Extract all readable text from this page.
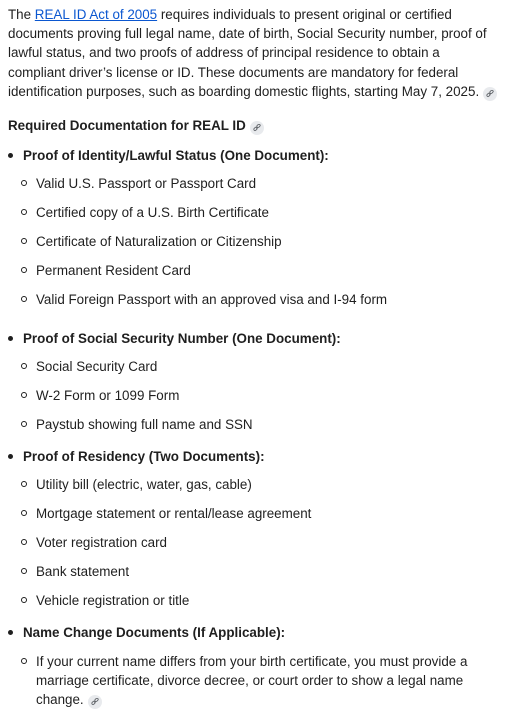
The REAL ID Act of 2005 requires individuals to present original or certified documents proving full legal name, date of birth, Social Security number, proof of lawful status, and two proofs of address of principal residence to obtain a compliant driver’s license or ID. These documents are mandatory for federal identification purposes, such as boarding domestic flights, starting May 7, 2025.

Required Documentation for REAL ID
Proof of Identity/Lawful Status (One Document):
Valid U.S. Passport or Passport Card
Certified copy of a U.S. Birth Certificate
Certificate of Naturalization or Citizenship
Permanent Resident Card
Valid Foreign Passport with an approved visa and I-94 form
Proof of Social Security Number (One Document):
Social Security Card
W-2 Form or 1099 Form
Paystub showing full name and SSN
Proof of Residency (Two Documents):
Utility bill (electric, water, gas, cable)
Mortgage statement or rental/lease agreement
Voter registration card
Bank statement
Vehicle registration or title
Name Change Documents (If Applicable):
If your current name differs from your birth certificate, you must provide a marriage certificate, divorce decree, or court order to show a legal name change.
